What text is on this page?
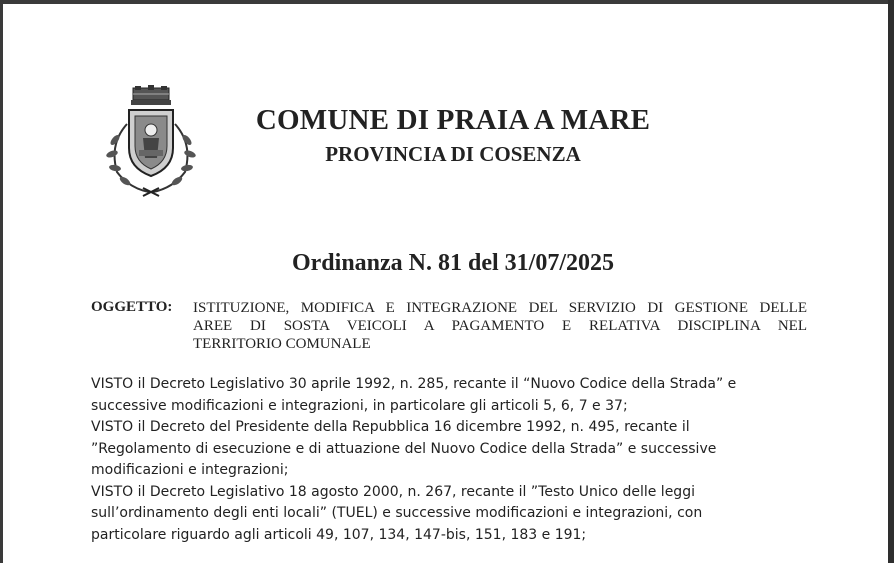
COMUNE DI PRAIA A MARE
PROVINCIA DI COSENZA
Ordinanza N. 81 del 31/07/2025
OGGETTO: ISTITUZIONE, MODIFICA E INTEGRAZIONE DEL SERVIZIO DI GESTIONE DELLE
AREE DI SOSTA VEICOLI A PAGAMENTO E RELATIVA DISCIPLINA NEL
TERRITORIO COMUNALE
VISTO il Decreto Legislativo 30 aprile 1992, n. 285, recante il “Nuovo Codice della Strada” e
successive modificazioni e integrazioni, in particolare gli articoli 5, 6, 7 e 37;
VISTO il Decreto del Presidente della Repubblica 16 dicembre 1992, n. 495, recante il
”Regolamento di esecuzione e di attuazione del Nuovo Codice della Strada” e successive
modificazioni e integrazioni;
VISTO il Decreto Legislativo 18 agosto 2000, n. 267, recante il ”Testo Unico delle leggi
sull’ordinamento degli enti locali” (TUEL) e successive modificazioni e integrazioni, con
particolare riguardo agli articoli 49, 107, 134, 147-bis, 151, 183 e 191;
